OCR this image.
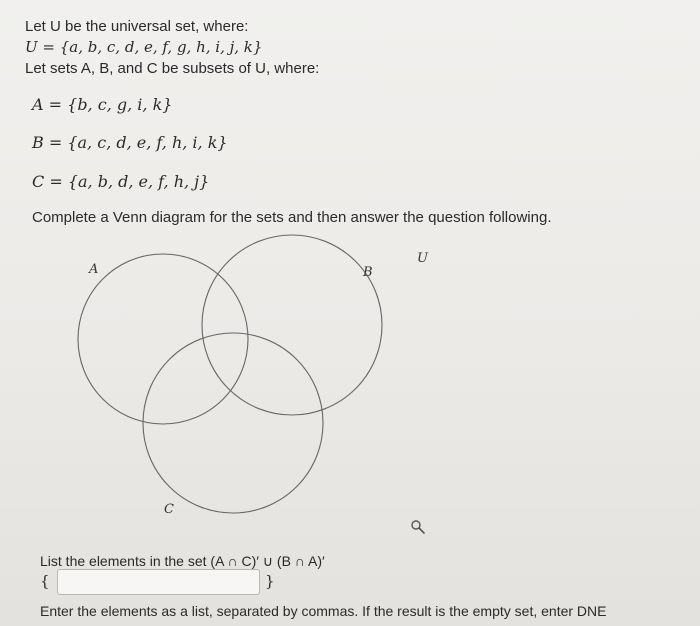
Let U be the universal set, where:
U = {a, b, c, d, e, f, g, h, i, j, k}
Let sets A, B, and C be subsets of U, where:
A = {b, c, g, i, k}
B = {a, c, d, e, f, h, i, k}
C = {a, b, d, e, f, h, j}
Complete a Venn diagram for the sets and then answer the question following.
A	B
C
U
List the elements in the set (A ∩ C)′ ∪ (B ∩ A)′
{	}
Enter the elements as a list, separated by commas. If the result is the empty set, enter DNE
